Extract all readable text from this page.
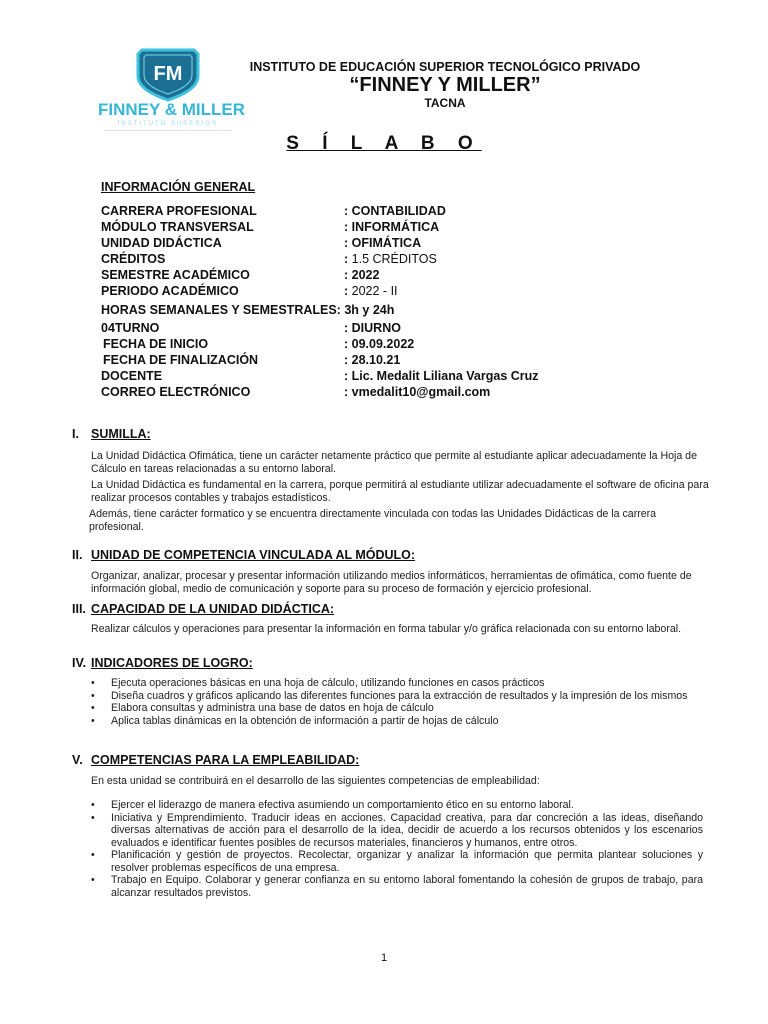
FM
FINNEY & MILLER
INSTITUTO SUPERIOR
INSTITUTO DE EDUCACIÓN SUPERIOR TECNOLÓGICO PRIVADO
“FINNEY Y MILLER”
TACNA
S Í L A B O
INFORMACIÓN GENERAL
CARRERA PROFESIONAL	: CONTABILIDAD
MÓDULO TRANSVERSAL	: INFORMÁTICA
UNIDAD DIDÁCTICA	: OFIMÁTICA
CRÉDITOS	: 1.5 CRÉDITOS
SEMESTRE ACADÉMICO	: 2022
PERIODO ACADÉMICO	: 2022 - II
HORAS SEMANALES Y SEMESTRALES: 3h y 24h
04TURNO	: DIURNO
FECHA DE INICIO	: 09.09.2022
FECHA DE FINALIZACIÓN	: 28.10.21
DOCENTE	: Lic. Medalit Liliana Vargas Cruz
CORREO ELECTRÓNICO	: vmedalit10@gmail.com
I. SUMILLA:
La Unidad Didáctica Ofimática, tiene un carácter netamente práctico que permite al estudiante aplicar adecuadamente la Hoja de Cálculo en tareas relacionadas a su entorno laboral.
La Unidad Didáctica es fundamental en la carrera, porque permitirá al estudiante utilizar adecuadamente el software de oficina para realizar procesos contables y trabajos estadísticos.
Además, tiene carácter formatico y se encuentra directamente vinculada con todas las Unidades Didácticas de la carrera profesional.
II. UNIDAD DE COMPETENCIA VINCULADA AL MÓDULO:
Organizar, analizar, procesar y presentar información utilizando medios informáticos, herramientas de ofimática, como fuente de información global, medio de comunicación y soporte para su proceso de formación y ejercicio profesional.
III. CAPACIDAD DE LA UNIDAD DIDÁCTICA:
Realizar cálculos y operaciones para presentar la información en forma tabular y/o gráfica relacionada con su entorno laboral.
IV. INDICADORES DE LOGRO:
• Ejecuta operaciones básicas en una hoja de cálculo, utilizando funciones en casos prácticos
• Diseña cuadros y gráficos aplicando las diferentes funciones para la extracción de resultados y la impresión de los mismos
• Elabora consultas y administra una base de datos en hoja de cálculo
• Aplica tablas dinámicas en la obtención de información a partir de hojas de cálculo
V. COMPETENCIAS PARA LA EMPLEABILIDAD:
En esta unidad se contribuirá en el desarrollo de las siguientes competencias de empleabilidad:
• Ejercer el liderazgo de manera efectiva asumiendo un comportamiento ético en su entorno laboral.
• Iniciativa y Emprendimiento. Traducir ideas en acciones. Capacidad creativa, para dar concreción a las ideas, diseñando diversas alternativas de acción para el desarrollo de la idea, decidir de acuerdo a los recursos obtenidos y los escenarios evaluados e identificar fuentes posibles de recursos materiales, financieros y humanos, entre otros.
• Planificación y gestión de proyectos. Recolectar, organizar y analizar la información que permita plantear soluciones y resolver problemas específicos de una empresa.
• Trabajo en Equipo. Colaborar y generar confianza en su entorno laboral fomentando la cohesión de grupos de trabajo, para alcanzar resultados previstos.
1
